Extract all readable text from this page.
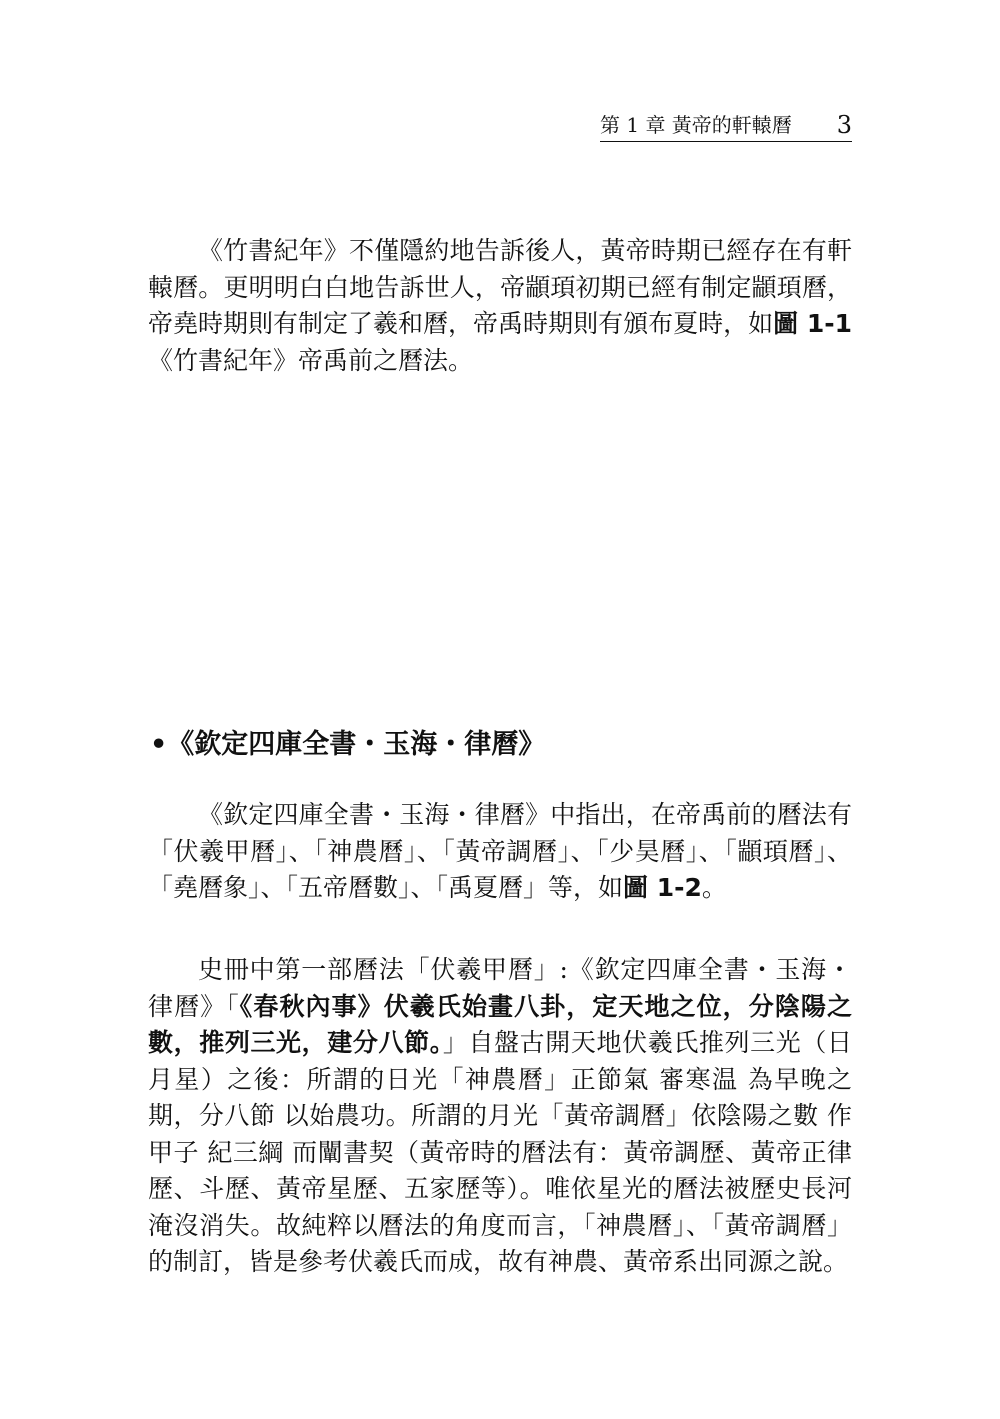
第 1 章 黃帝的軒轅曆 3

《竹書紀年》不僅隱約地告訴後人，黃帝時期已經存在有軒轅曆。更明明白白地告訴世人，帝顓頊初期已經有制定顓頊曆，帝堯時期則有制定了羲和曆，帝禹時期則有頒布夏時，如圖 1-1《竹書紀年》帝禹前之曆法。

•《欽定四庫全書・玉海・律曆》

《欽定四庫全書・玉海・律曆》中指出，在帝禹前的曆法有「伏羲甲曆」、「神農曆」、「黃帝調曆」、「少昊曆」、「顓頊曆」、「堯曆象」、「五帝曆數」、「禹夏曆」等，如圖 1-2。

史冊中第一部曆法「伏羲甲曆」:《欽定四庫全書・玉海・律曆》「《春秋內事》伏羲氏始畫八卦，定天地之位，分陰陽之數，推列三光，建分八節。」自盤古開天地伏羲氏推列三光（日月星）之後：所謂的日光「神農曆」正節氣 審寒温 為早晚之期，分八節 以始農功。所謂的月光「黃帝調曆」依陰陽之數 作甲子 紀三綱 而闡書契（黃帝時的曆法有：黃帝調歷、黃帝正律歷、斗歷、黃帝星歷、五家歷等）。唯依星光的曆法被歷史長河淹沒消失。故純粹以曆法的角度而言，「神農曆」、「黃帝調曆」的制訂，皆是參考伏羲氏而成，故有神農、黃帝系出同源之說。
